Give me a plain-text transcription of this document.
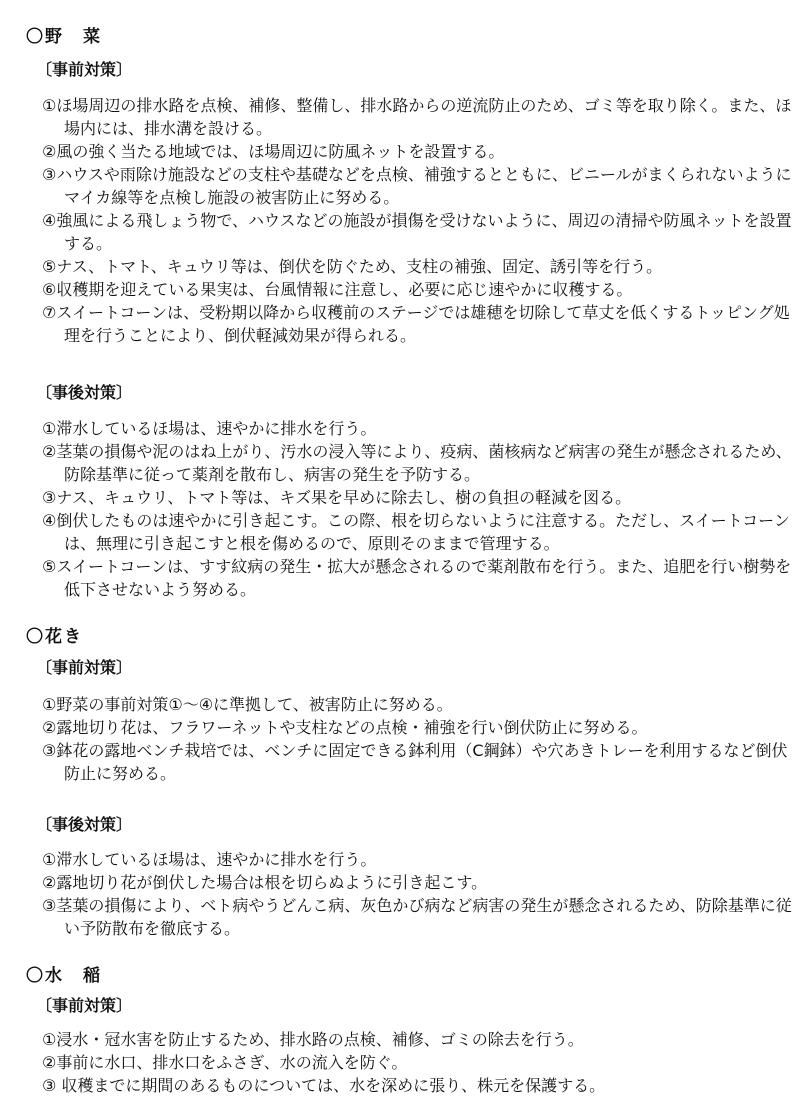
〇野　菜
〔事前対策〕
①ほ場周辺の排水路を点検、補修、整備し、排水路からの逆流防止のため、ゴミ等を取り除く。また、ほ場内には、排水溝を設ける。
②風の強く当たる地域では、ほ場周辺に防風ネットを設置する。
③ハウスや雨除け施設などの支柱や基礎などを点検、補強するとともに、ビニールがまくられないようにマイカ線等を点検し施設の被害防止に努める。
④強風による飛しょう物で、ハウスなどの施設が損傷を受けないように、周辺の清掃や防風ネットを設置する。
⑤ナス、トマト、キュウリ等は、倒伏を防ぐため、支柱の補強、固定、誘引等を行う。
⑥収穫期を迎えている果実は、台風情報に注意し、必要に応じ速やかに収穫する。
⑦スイートコーンは、受粉期以降から収穫前のステージでは雄穂を切除して草丈を低くするトッピング処理を行うことにより、倒伏軽減効果が得られる。
〔事後対策〕
①滞水しているほ場は、速やかに排水を行う。
②茎葉の損傷や泥のはね上がり、汚水の浸入等により、疫病、菌核病など病害の発生が懸念されるため、防除基準に従って薬剤を散布し、病害の発生を予防する。
③ナス、キュウリ、トマト等は、キズ果を早めに除去し、樹の負担の軽減を図る。
④倒伏したものは速やかに引き起こす。この際、根を切らないように注意する。ただし、スイートコーンは、無理に引き起こすと根を傷めるので、原則そのままで管理する。
⑤スイートコーンは、すす紋病の発生・拡大が懸念されるので薬剤散布を行う。また、追肥を行い樹勢を低下させないよう努める。
〇花き
〔事前対策〕
①野菜の事前対策①～④に準拠して、被害防止に努める。
②露地切り花は、フラワーネットや支柱などの点検・補強を行い倒伏防止に努める。
③鉢花の露地ベンチ栽培では、ベンチに固定できる鉢利用（C鋼鉢）や穴あきトレーを利用するなど倒伏防止に努める。
〔事後対策〕
①滞水しているほ場は、速やかに排水を行う。
②露地切り花が倒伏した場合は根を切らぬように引き起こす。
③茎葉の損傷により、ベト病やうどんこ病、灰色かび病など病害の発生が懸念されるため、防除基準に従い予防散布を徹底する。
〇水　稲
〔事前対策〕
①浸水・冠水害を防止するため、排水路の点検、補修、ゴミの除去を行う。
②事前に水口、排水口をふさぎ、水の流入を防ぐ。
③ 収穫までに期間のあるものについては、水を深めに張り、株元を保護する。
